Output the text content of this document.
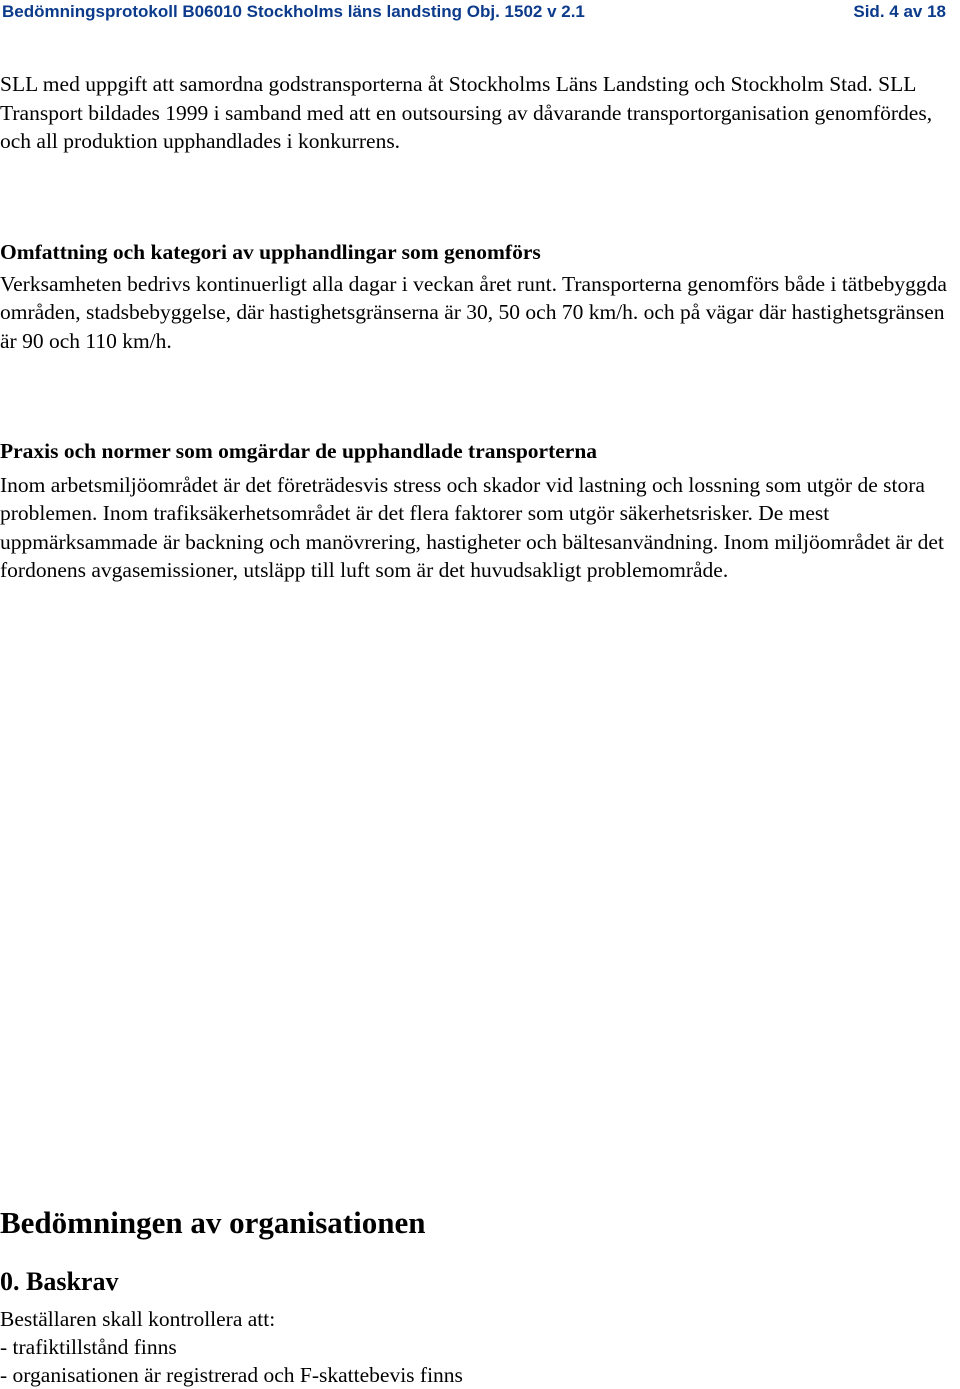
Bedömningsprotokoll B06010 Stockholms läns landsting Obj. 1502 v 2.1	Sid. 4 av 18

SLL med uppgift att samordna godstransporterna åt Stockholms Läns Landsting och Stockholm Stad. SLL Transport bildades 1999 i samband med att en outsoursing av dåvarande transportorganisation genomfördes, och all produktion upphandlades i konkurrens.

Omfattning och kategori av upphandlingar som genomförs

Verksamheten bedrivs kontinuerligt alla dagar i veckan året runt. Transporterna genomförs både i tätbebyggda områden, stadsbebyggelse, där hastighetsgränserna är 30, 50 och 70 km/h. och på vägar där hastighetsgränsen är 90 och 110 km/h.

Praxis och normer som omgärdar de upphandlade transporterna

Inom arbetsmiljöområdet är det företrädesvis stress och skador vid lastning och lossning som utgör de stora problemen. Inom trafiksäkerhetsområdet är det flera faktorer som utgör säkerhetsrisker. De mest uppmärksammade är backning och manövrering, hastigheter och bältesanvändning. Inom miljöområdet är det fordonens avgasemissioner, utsläpp till luft som är det huvudsakligt problemområde.

Bedömningen av organisationen
0. Baskrav
Beställaren skall kontrollera att:
- trafiktillstånd finns
- organisationen är registrerad och F-skattebevis finns
